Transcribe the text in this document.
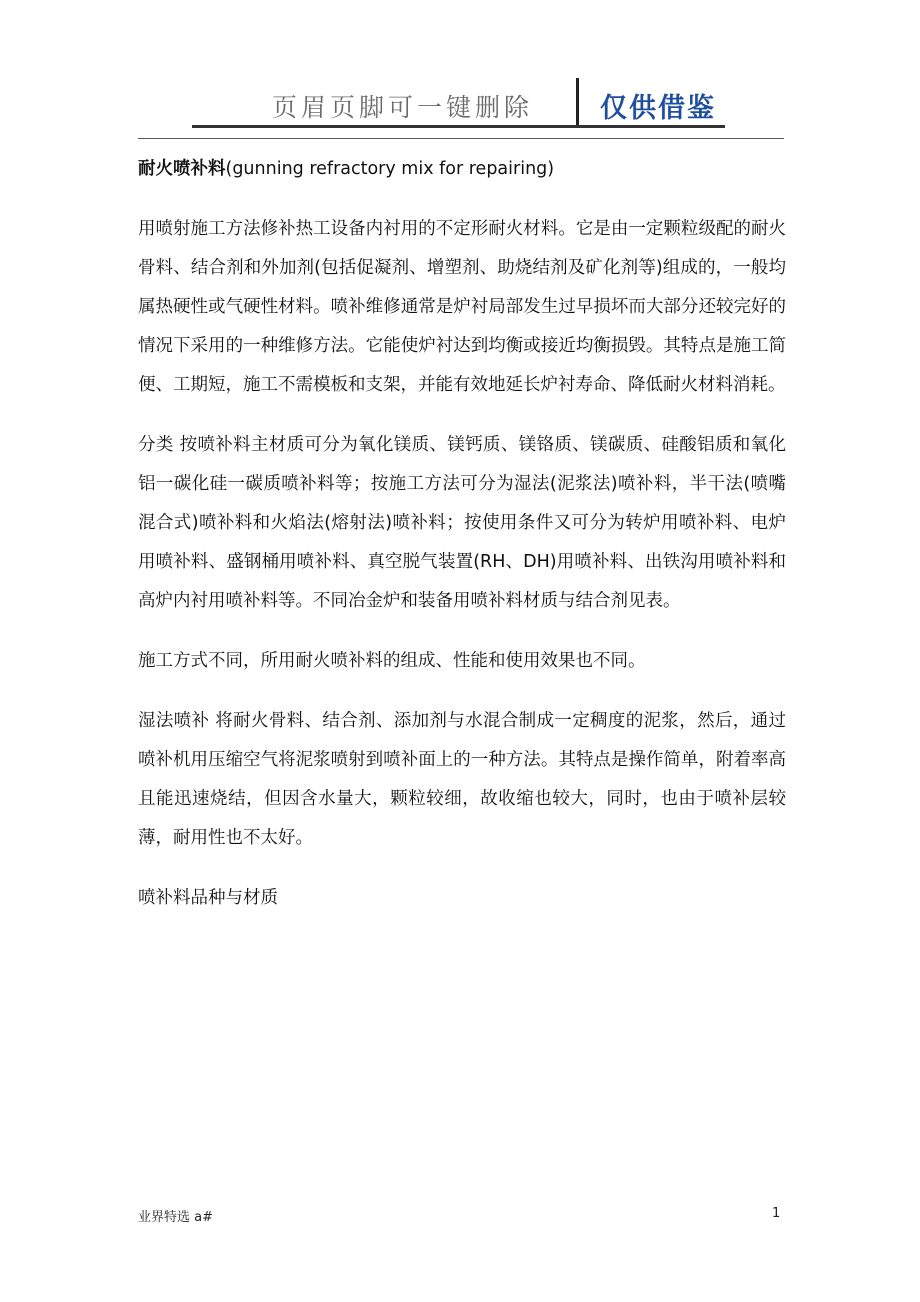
页眉页脚可一键删除 仅供借鉴
耐火喷补料(gunning refractory mix for repairing)

用喷射施工方法修补热工设备内衬用的不定形耐火材料。它是由一定颗粒级配的耐火骨料、结合剂和外加剂(包括促凝剂、增塑剂、助烧结剂及矿化剂等)组成的，一般均属热硬性或气硬性材料。喷补维修通常是炉衬局部发生过早损坏而大部分还较完好的情况下采用的一种维修方法。它能使炉衬达到均衡或接近均衡损毁。其特点是施工简便、工期短，施工不需模板和支架，并能有效地延长炉衬寿命、降低耐火材料消耗。

分类 按喷补料主材质可分为氧化镁质、镁钙质、镁铬质、镁碳质、硅酸铝质和氧化铝一碳化硅一碳质喷补料等；按施工方法可分为湿法(泥浆法)喷补料，半干法(喷嘴混合式)喷补料和火焰法(熔射法)喷补料；按使用条件又可分为转炉用喷补料、电炉用喷补料、盛钢桶用喷补料、真空脱气装置(RH、DH)用喷补料、出铁沟用喷补料和高炉内衬用喷补料等。不同冶金炉和装备用喷补料材质与结合剂见表。

施工方式不同，所用耐火喷补料的组成、性能和使用效果也不同。

湿法喷补 将耐火骨料、结合剂、添加剂与水混合制成一定稠度的泥浆，然后，通过喷补机用压缩空气将泥浆喷射到喷补面上的一种方法。其特点是操作简单，附着率高且能迅速烧结，但因含水量大，颗粒较细，故收缩也较大，同时，也由于喷补层较薄，耐用性也不太好。

喷补料品种与材质

业界特选 a#	1
